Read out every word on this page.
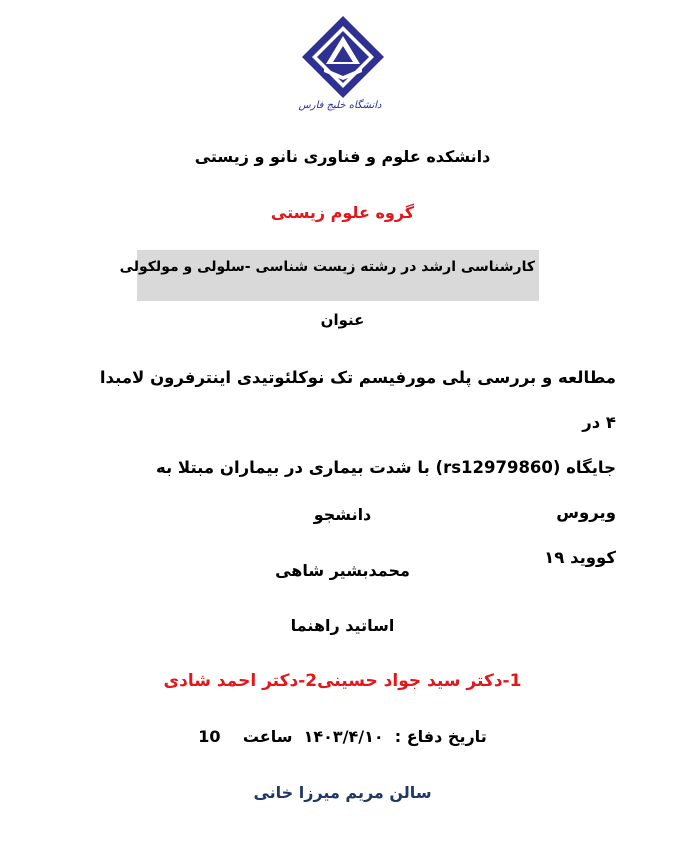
دانشگاه خلیج فارس
دانشکده علوم و فناوری نانو و زیستی
گروه علوم زیستی
کارشناسی ارشد در رشته زیست شناسی -سلولی و مولکولی
عنوان
مطالعه و بررسی پلی مورفیسم تک نوکلئوتیدی اینترفرون لامبدا ۴ در
جایگاه (rs12979860) با شدت بیماری در بیماران مبتلا به ویروس
کووید ۱۹
دانشجو
محمدبشیر شاهی
اساتید راهنما
1-دکتر سید جواد حسینی2-دکتر احمد شادی
تاریخ دفاع :  ۱۴۰۳/۴/۱۰  ساعت    10
سالن مریم میرزا خانی
